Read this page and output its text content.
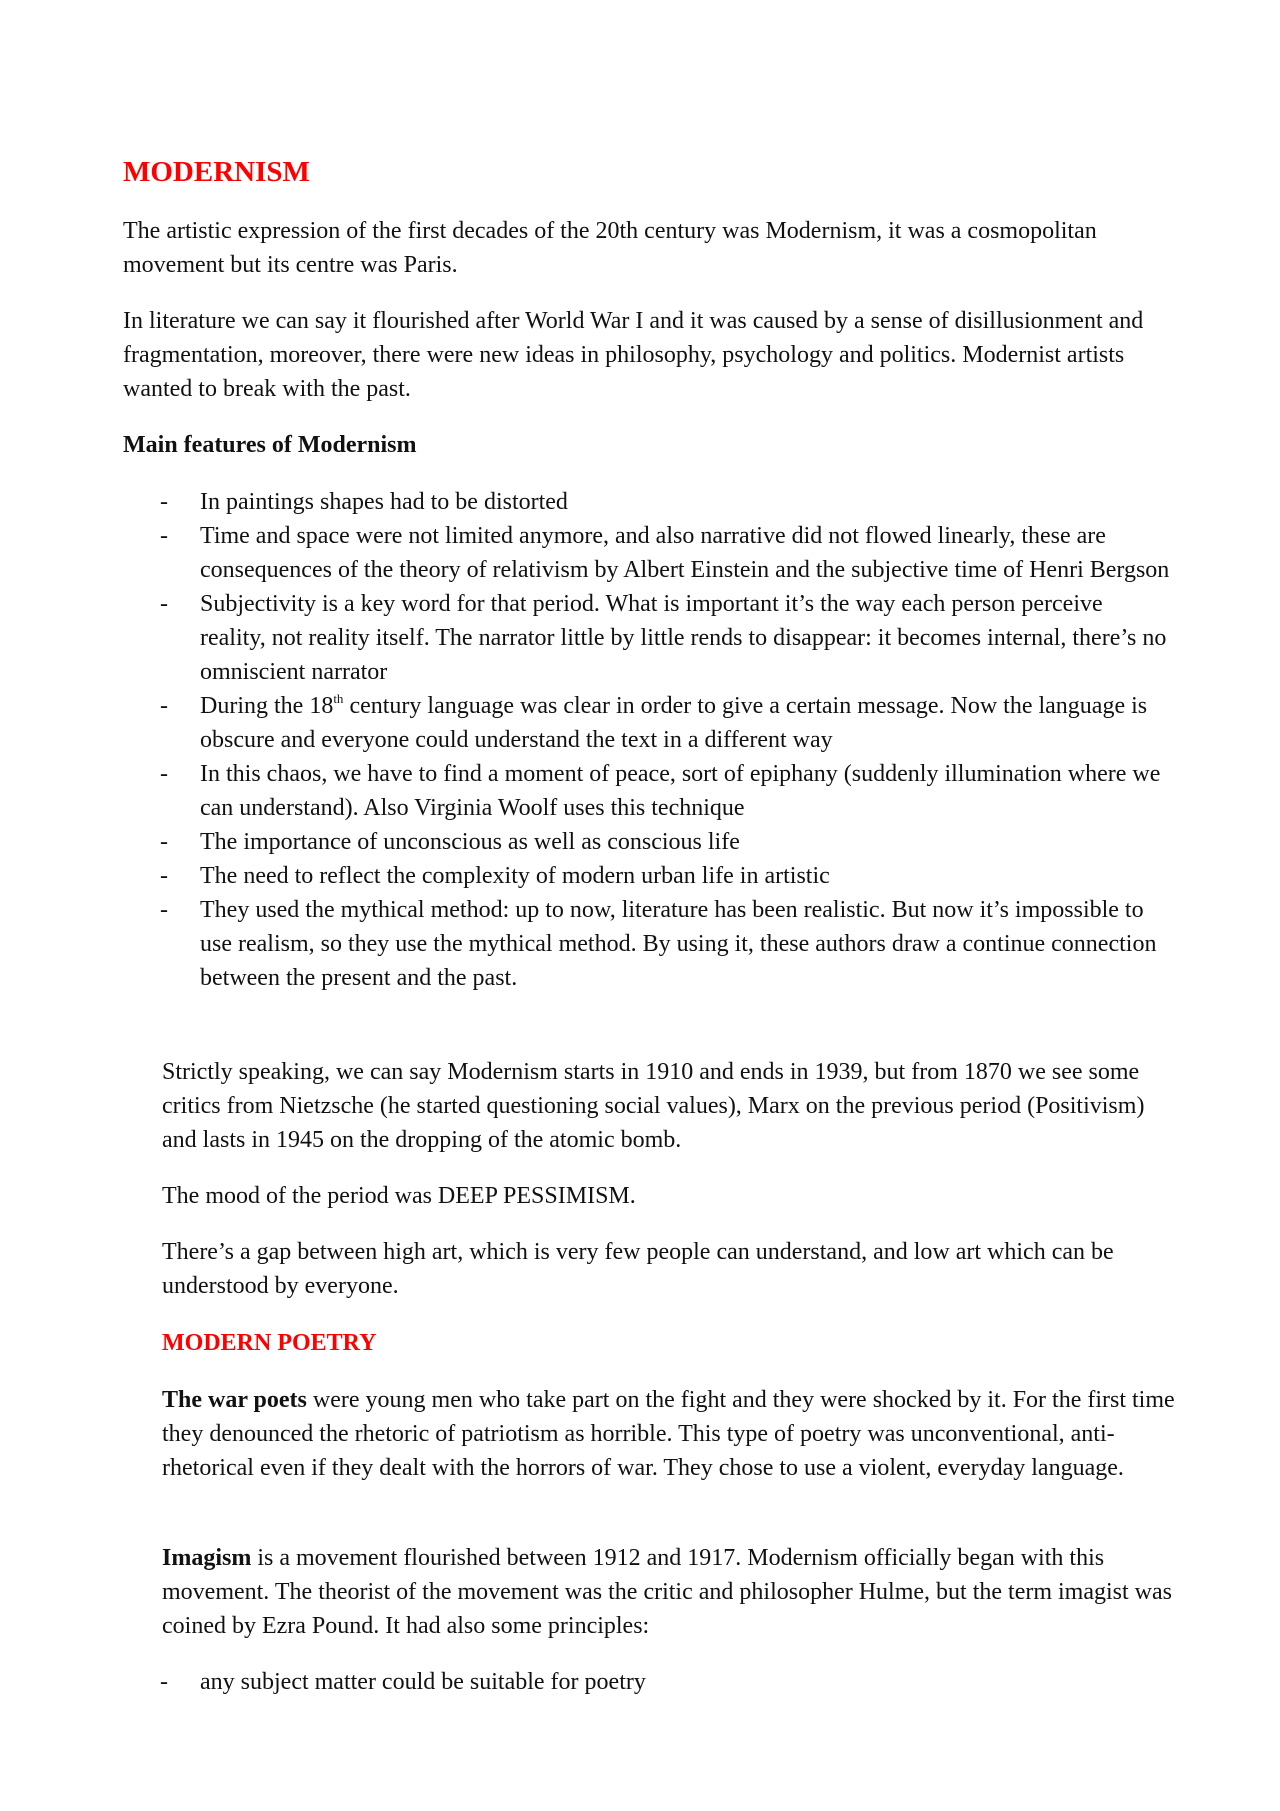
MODERNISM

The artistic expression of the first decades of the 20th century was Modernism, it was a cosmopolitan movement but its centre was Paris.

In literature we can say it flourished after World War I and it was caused by a sense of disillusionment and fragmentation, moreover, there were new ideas in philosophy, psychology and politics. Modernist artists wanted to break with the past.

Main features of Modernism

- In paintings shapes had to be distorted
- Time and space were not limited anymore, and also narrative did not flowed linearly, these are consequences of the theory of relativism by Albert Einstein and the subjective time of Henri Bergson
- Subjectivity is a key word for that period. What is important it’s the way each person perceive reality, not reality itself. The narrator little by little rends to disappear: it becomes internal, there’s no omniscient narrator
- During the 18th century language was clear in order to give a certain message. Now the language is obscure and everyone could understand the text in a different way
- In this chaos, we have to find a moment of peace, sort of epiphany (suddenly illumination where we can understand). Also Virginia Woolf uses this technique
- The importance of unconscious as well as conscious life
- The need to reflect the complexity of modern urban life in artistic
- They used the mythical method: up to now, literature has been realistic. But now it’s impossible to use realism, so they use the mythical method. By using it, these authors draw a continue connection between the present and the past.

Strictly speaking, we can say Modernism starts in 1910 and ends in 1939, but from 1870 we see some critics from Nietzsche (he started questioning social values), Marx on the previous period (Positivism) and lasts in 1945 on the dropping of the atomic bomb.

The mood of the period was DEEP PESSIMISM.

There’s a gap between high art, which is very few people can understand, and low art which can be understood by everyone.

MODERN POETRY

The war poets were young men who take part on the fight and they were shocked by it. For the first time they denounced the rhetoric of patriotism as horrible. This type of poetry was unconventional, anti-rhetorical even if they dealt with the horrors of war. They chose to use a violent, everyday language.

Imagism is a movement flourished between 1912 and 1917. Modernism officially began with this movement. The theorist of the movement was the critic and philosopher Hulme, but the term imagist was coined by Ezra Pound. It had also some principles:

- any subject matter could be suitable for poetry
